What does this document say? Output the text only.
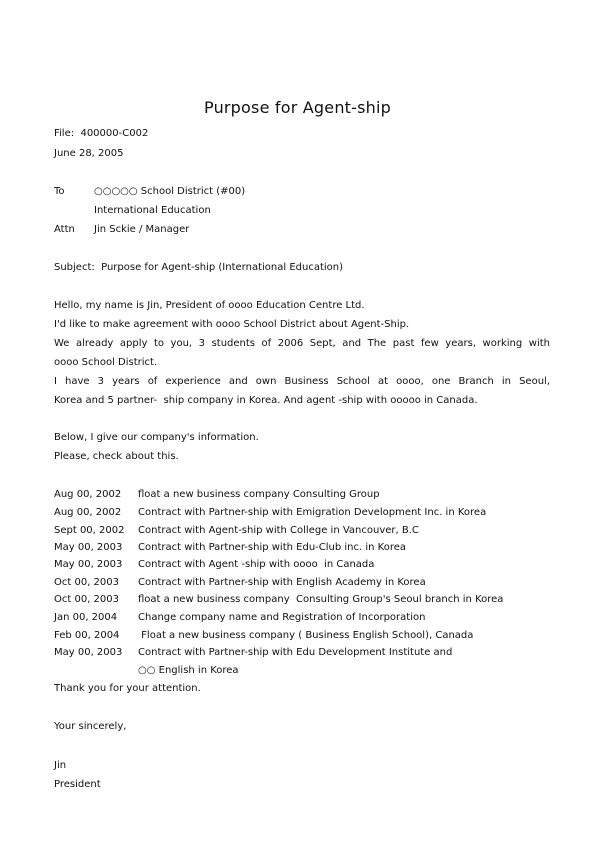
Purpose for Agent-ship
File:  400000-C002
June 28, 2005
To	○○○○○ School District (#00)
International Education
Attn Jin Sckie / Manager
Subject:  Purpose for Agent-ship (International Education)
Hello, my name is Jin, President of oooo Education Centre Ltd.
I'd like to make agreement with oooo School District about Agent-Ship.
We already apply to you, 3 students of 2006 Sept, and The past few years, working with
oooo School District.
I have 3 years of experience and own Business School at oooo, one Branch in Seoul,
Korea and 5 partner-  ship company in Korea. And agent -ship with ooooo in Canada.
Below, I give our company's information.
Please, check about this.
Aug 00, 2002 float a new business company Consulting Group
Aug 00, 2002 Contract with Partner-ship with Emigration Development Inc. in Korea
Sept 00, 2002 Contract with Agent-ship with College in Vancouver, B.C
May 00, 2003 Contract with Partner-ship with Edu-Club inc. in Korea
May 00, 2003 Contract with Agent -ship with oooo  in Canada
Oct 00, 2003 Contract with Partner-ship with English Academy in Korea
Oct 00, 2003 float a new business company  Consulting Group's Seoul branch in Korea
Jan 00, 2004 Change company name and Registration of Incorporation
Feb 00, 2004 Float a new business company ( Business English School), Canada
May 00, 2003 Contract with Partner-ship with Edu Development Institute and
○○ English in Korea
Thank you for your attention.
Your sincerely,
Jin
President
